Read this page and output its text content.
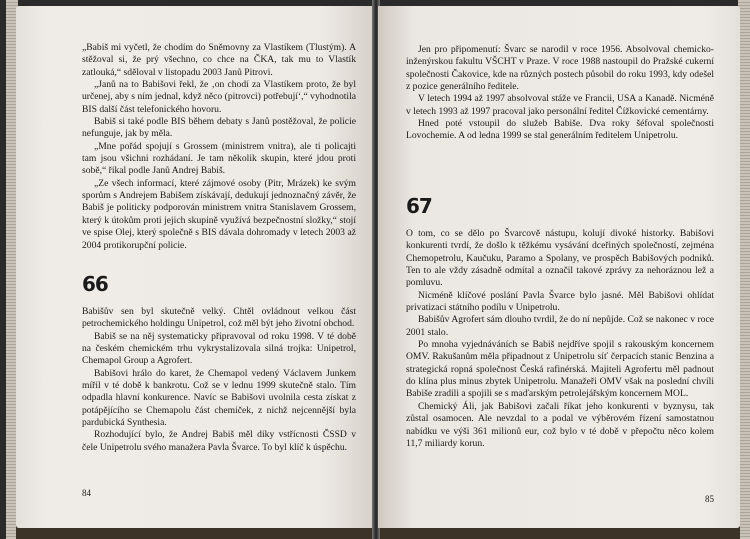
„Babiš mi vyčetl, že chodím do Sněmovny za Vlastíkem (Tlustým). A stěžoval si, že prý všechno, co chce na ČKA, tak mu to Vlastík zatlouká,“ sděloval v listopadu 2003 Janů Pitrovi.

„Janů na to Babišovi řekl, že ‚on chodí za Vlastíkem proto, že byl určenej, aby s ním jednal, když něco (pitrovci) potřebují‘,“ vyhodnotila BIS další část telefonického hovoru.

Babiš si také podle BIS během debaty s Janů postěžoval, že policie nefunguje, jak by měla.

„Mne pořád spojují s Grossem (ministrem vnitra), ale ti policajti tam jsou všichni rozhádaní. Je tam několik skupin, které jdou proti sobě,“ říkal podle Janů Andrej Babiš.

„Ze všech informací, které zájmové osoby (Pitr, Mrázek) ke svým sporům s Andrejem Babišem získávají, dedukují jednoznačný závěr, že Babiš je politicky podporován ministrem vnitra Stanislavem Grossem, který k útokům proti jejich skupině využívá bezpečnostní složky,“ stojí ve spise Olej, který společně s BIS dávala dohromady v letech 2003 až 2004 protikorupční policie.

66

Babišův sen byl skutečně velký. Chtěl ovládnout velkou část petrochemického holdingu Unipetrol, což měl být jeho životní obchod.

Babiš se na něj systematicky připravoval od roku 1998. V té době na českém chemickém trhu vykrystalizovala silná trojka: Unipetrol, Chemapol Group a Agrofert.

Babišovi hrálo do karet, že Chemapol vedený Václavem Junkem mířil v té době k bankrotu. Což se v lednu 1999 skutečně stalo. Tím odpadla hlavní konkurence. Navíc se Babišovi uvolnila cesta získat z potápějícího se Chemapolu část chemiček, z nichž nejcennější byla pardubická Synthesia.

Rozhodující bylo, že Andrej Babiš měl díky vstřícnosti ČSSD v čele Unipetrolu svého manažera Pavla Švarce. To byl klíč k úspěchu.

84

Jen pro připomenutí: Švarc se narodil v roce 1956. Absolvoval chemicko-inženýrskou fakultu VŠCHT v Praze. V roce 1988 nastoupil do Pražské cukerní společnosti Čakovice, kde na různých postech působil do roku 1993, kdy odešel z pozice generálního ředitele.

V letech 1994 až 1997 absolvoval stáže ve Francii, USA a Kanadě. Nicméně v letech 1993 až 1997 pracoval jako personální ředitel Čížkovické cementárny.

Hned poté vstoupil do služeb Babiše. Dva roky šéfoval společnosti Lovochemie. A od ledna 1999 se stal generálním ředitelem Unipetrolu.

67

O tom, co se dělo po Švarcově nástupu, kolují divoké historky. Babišovi konkurenti tvrdí, že došlo k těžkému vysávání dceřiných společností, zejména Chemopetrolu, Kaučuku, Paramo a Spolany, ve prospěch Babišových podniků. Ten to ale vždy zásadně odmítal a označil takové zprávy za nehoráznou lež a pomluvu.

Nicméně klíčové poslání Pavla Švarce bylo jasné. Měl Babišovi ohlídat privatizaci státního podílu v Unipetrolu.

Babišův Agrofert sám dlouho tvrdil, že do ní nepůjde. Což se nakonec v roce 2001 stalo.

Po mnoha vyjednáváních se Babiš nejdříve spojil s rakouským koncernem OMV. Rakušanům měla připadnout z Unipetrolu síť čerpacích stanic Benzina a strategická ropná společnost Česká rafinérská. Majiteli Agrofertu měl padnout do klína plus minus zbytek Unipetrolu. Manažeři OMV však na poslední chvíli Babiše zradili a spojili se s maďarským petrolejářským koncernem MOL.

Chemický Áli, jak Babišovi začali říkat jeho konkurenti v byznysu, tak zůstal osamocen. Ale nevzdal to a podal ve výběrovém řízení samostatnou nabídku ve výši 361 milionů eur, což bylo v té době v přepočtu něco kolem 11,7 miliardy korun.

85
